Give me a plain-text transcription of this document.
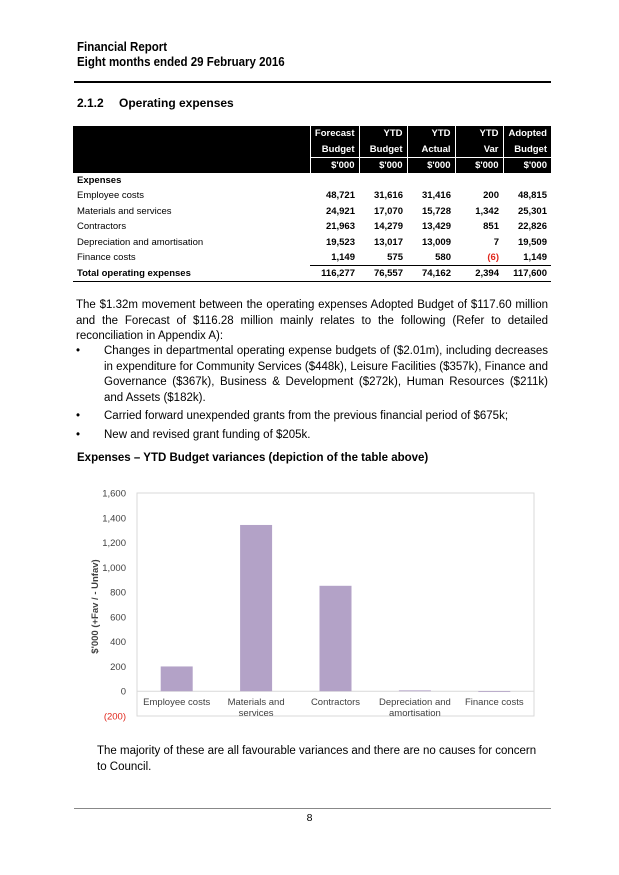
Financial Report
Eight months ended 29 February 2016
2.1.2 Operating expenses
	Forecast	YTD	YTD	YTD	Adopted
	Budget	Budget	Actual	Var	Budget
	$'000	$'000	$'000	$'000	$'000
Expenses					
Employee costs	48,721	31,616	31,416	200	48,815
Materials and services	24,921	17,070	15,728	1,342	25,301
Contractors	21,963	14,279	13,429	851	22,826
Depreciation and amortisation	19,523	13,017	13,009	7	19,509
Finance costs	1,149	575	580	(6)	1,149
Total operating expenses	116,277	76,557	74,162	2,394	117,600

The $1.32m movement between the operating expenses Adopted Budget of $117.60 million and the Forecast of $116.28 million mainly relates to the following (Refer to detailed reconciliation in Appendix A):

• Changes in departmental operating expense budgets of ($2.01m), including decreases in expenditure for Community Services ($448k), Leisure Facilities ($357k), Finance and Governance ($367k), Business & Development ($272k), Human Resources ($211k) and Assets ($182k).
• Carried forward unexpended grants from the previous financial period of $675k;
• New and revised grant funding of $205k.
Expenses – YTD Budget variances (depiction of the table above)
(200)
0
200
400
600
800
1,000
1,200
1,400
1,600
Employee costs Materials and
services
Contractors Depreciation and
amortisation
Finance costs
$'000 (+Fav / - Unfav)

The majority of these are all favourable variances and there are no causes for concern to Council.

8
